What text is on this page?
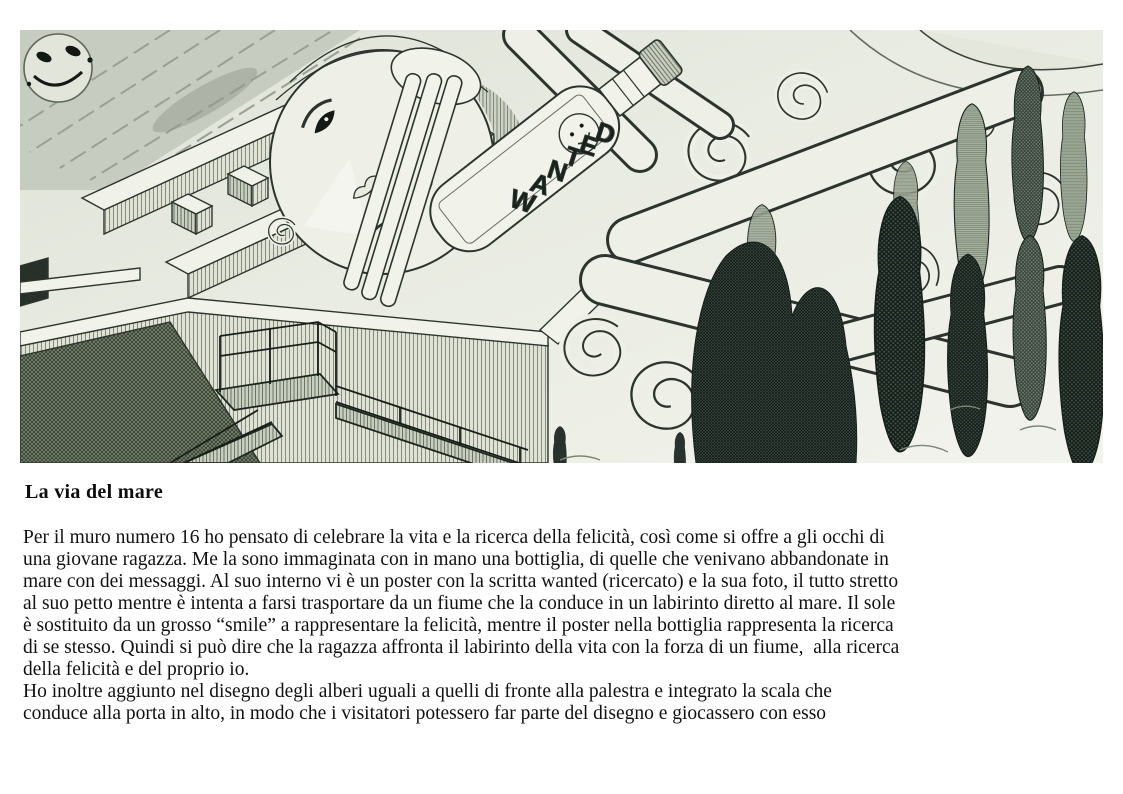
WANTED
La via del mare

Per il muro numero 16 ho pensato di celebrare la vita e la ricerca della felicità, così come si offre a gli occhi di
una giovane ragazza. Me la sono immaginata con in mano una bottiglia, di quelle che venivano abbandonate in
mare con dei messaggi. Al suo interno vi è un poster con la scritta wanted (ricercato) e la sua foto, il tutto stretto
al suo petto mentre è intenta a farsi trasportare da un fiume che la conduce in un labirinto diretto al mare. Il sole
è sostituito da un grosso “smile” a rappresentare la felicità, mentre il poster nella bottiglia rappresenta la ricerca
di se stesso. Quindi si può dire che la ragazza affronta il labirinto della vita con la forza di un fiume,  alla ricerca
della felicità e del proprio io.

Ho inoltre aggiunto nel disegno degli alberi uguali a quelli di fronte alla palestra e integrato la scala che
conduce alla porta in alto, in modo che i visitatori potessero far parte del disegno e giocassero con esso
